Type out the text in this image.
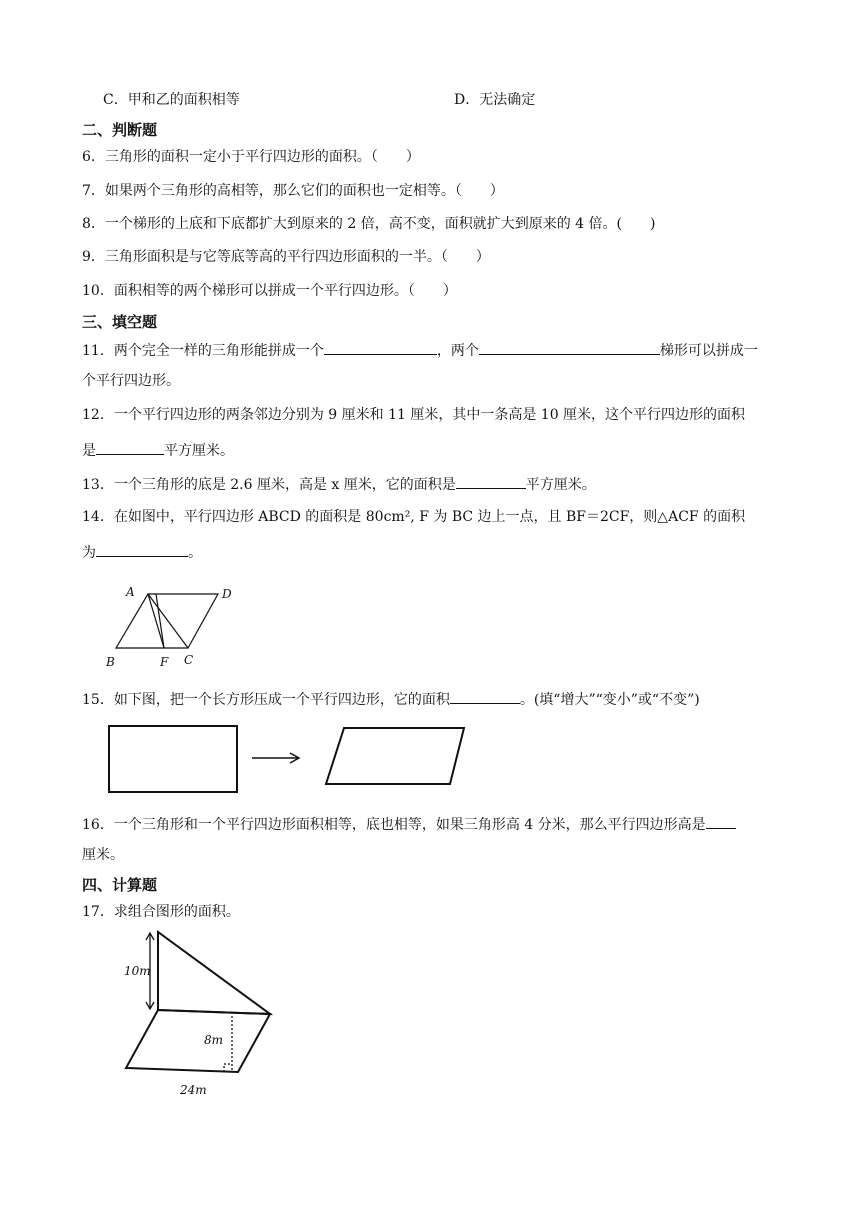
C．甲和乙的面积相等	D．无法确定
二、判断题
6．三角形的面积一定小于平行四边形的面积。（　　）
7．如果两个三角形的高相等，那么它们的面积也一定相等。（　　）
8．一个梯形的上底和下底都扩大到原来的 2 倍，高不变，面积就扩大到原来的 4 倍。(　　)
9．三角形面积是与它等底等高的平行四边形面积的一半。（　　）
10．面积相等的两个梯形可以拼成一个平行四边形。（　　）
三、填空题
11．两个完全一样的三角形能拼成一个	，两个	梯形可以拼成一
个平行四边形。
12．一个平行四边形的两条邻边分别为 9 厘米和 11 厘米，其中一条高是 10 厘米，这个平行四边形的面积
是	平方厘米。
13．一个三角形的底是 2.6 厘米，高是 x 厘米，它的面积是	平方厘米。
14．在如图中，平行四边形 ABCD 的面积是 80cm², F 为 BC 边上一点，且 BF＝2CF，则△ACF 的面积
为	。
A	D
B	F C
15．如下图，把一个长方形压成一个平行四边形，它的面积	。(填“增大”“变小”或“不变”)
16．一个三角形和一个平行四边形面积相等，底也相等，如果三角形高 4 分米，那么平行四边形高是
厘米。
四、计算题
17．求组合图形的面积。
10m
8m
24m
